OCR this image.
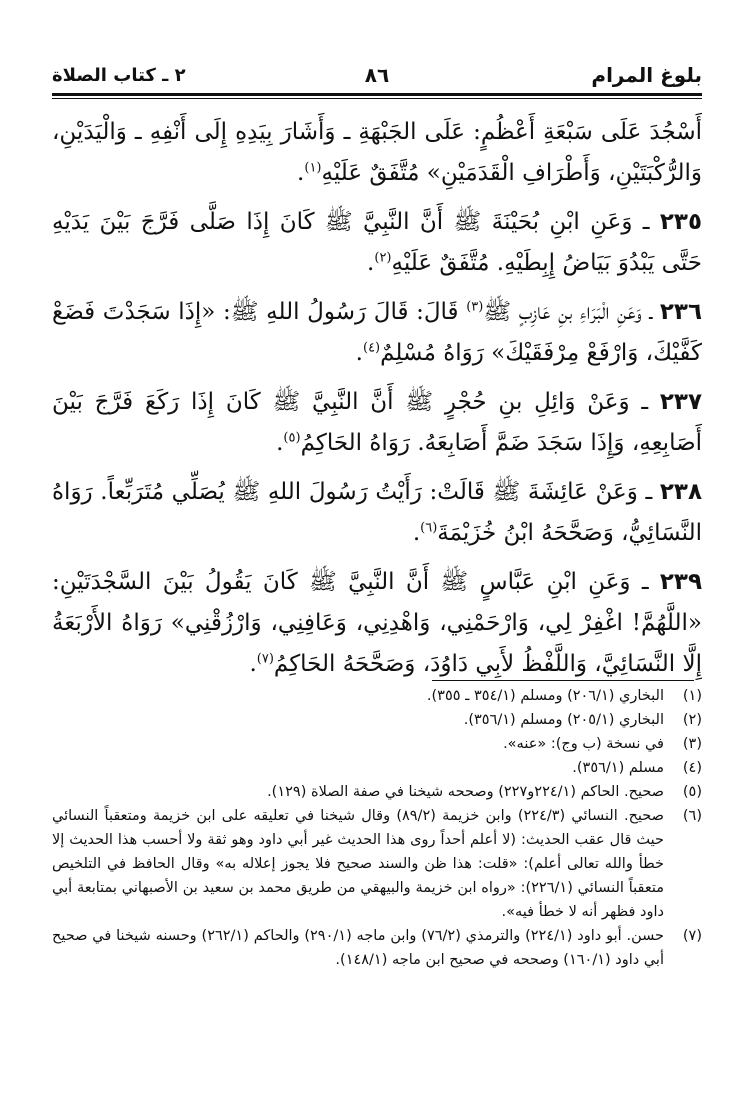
بلوغ المرام
٨٦
٢ ـ كتاب الصلاة

أَسْجُدَ عَلَى سَبْعَةِ أَعْظُمٍ: عَلَى الجَبْهَةِ ـ وَأَشَارَ بِيَدِهِ إِلَى أَنْفِهِ ـ وَالْيَدَيْنِ، وَالرُّكْبَتَيْنِ، وَأَطْرَافِ الْقَدَمَيْنِ» مُتَّفَقٌ عَلَيْهِ$^{(١)}$.

٢٣٥ ـ وَعَنِ ابْنِ بُحَيْنَةَ ﷺ أَنَّ النَّبِيَّ ﷺ كَانَ إِذَا صَلَّى فَرَّجَ بَيْنَ يَدَيْهِ حَتَّى يَبْدُوَ بَيَاضُ إِبِطَيْهِ. مُتَّفَقٌ عَلَيْهِ$^{(٢)}$.

٢٣٦ ـ وَعَنِ الْبَرَاءِ بنِ عَازِبٍ ﷺ$^{(٣)}$ قَالَ: قَالَ رَسُولُ اللهِ ﷺ: «إِذَا سَجَدْتَ فَضَعْ كَفَّيْكَ، وَارْفَعْ مِرْفَقَيْكَ» رَوَاهُ مُسْلِمٌ$^{(٤)}$.

٢٣٧ ـ وَعَنْ وَائِلِ بنِ حُجْرٍ ﷺ أَنَّ النَّبِيَّ ﷺ كَانَ إِذَا رَكَعَ فَرَّجَ بَيْنَ أَصَابِعِهِ، وَإِذَا سَجَدَ ضَمَّ أَصَابِعَهُ. رَوَاهُ الحَاكِمُ$^{(٥)}$.

٢٣٨ ـ وَعَنْ عَائِشَةَ ﷺ قَالَتْ: رَأَيْتُ رَسُولَ اللهِ ﷺ يُصَلِّي مُتَرَبِّعاً. رَوَاهُ النَّسَائِيُّ، وَصَحَّحَهُ ابْنُ خُزَيْمَةَ$^{(٦)}$.

٢٣٩ ـ وَعَنِ ابْنِ عَبَّاسٍ ﷺ أَنَّ النَّبِيَّ ﷺ كَانَ يَقُولُ بَيْنَ السَّجْدَتَيْنِ: «اللَّهُمَّ! اغْفِرْ لِي، وَارْحَمْنِي، وَاهْدِنِي، وَعَافِنِي، وَارْزُقْنِي» رَوَاهُ الأَرْبَعَةُ إِلَّا النَّسَائِيَّ، وَاللَّفْظُ لأَبِي دَاوُدَ، وَصَحَّحَهُ الحَاكِمُ$^{(٧)}$.

(١)
البخاري (٢٠٦/١) ومسلم (٣٥٤/١ ـ ٣٥٥).

(٢)
البخاري (٢٠٥/١) ومسلم (٣٥٦/١).

(٣)
في نسخة (ب وج): «عنه».

(٤)
مسلم (٣٥٦/١).

(٥)
صحيح. الحاكم (٢٢٤/١و٢٢٧) وصححه شيخنا في صفة الصلاة (١٢٩).

(٦)
صحيح. النسائي (٢٢٤/٣) وابن خزيمة (٨٩/٢) وقال شيخنا في تعليقه على ابن خزيمة ومتعقباً النسائي حيث قال عقب الحديث: (لا أعلم أحداً روى هذا الحديث غير أبي داود وهو ثقة ولا أحسب هذا الحديث إلا خطأ والله تعالى أعلم): «قلت: هذا ظن والسند صحيح فلا يجوز إعلاله به» وقال الحافظ في التلخيص متعقباً النسائي (٢٢٦/١): «رواه ابن خزيمة والبيهقي من طريق محمد بن سعيد بن الأصبهاني بمتابعة أبي داود فظهر أنه لا خطأ فيه».

(٧)
حسن. أبو داود (٢٢٤/١) والترمذي (٧٦/٢) وابن ماجه (٢٩٠/١) والحاكم (٢٦٢/١) وحسنه شيخنا في صحيح أبي داود (١٦٠/١) وصححه في صحيح ابن ماجه (١٤٨/١).
